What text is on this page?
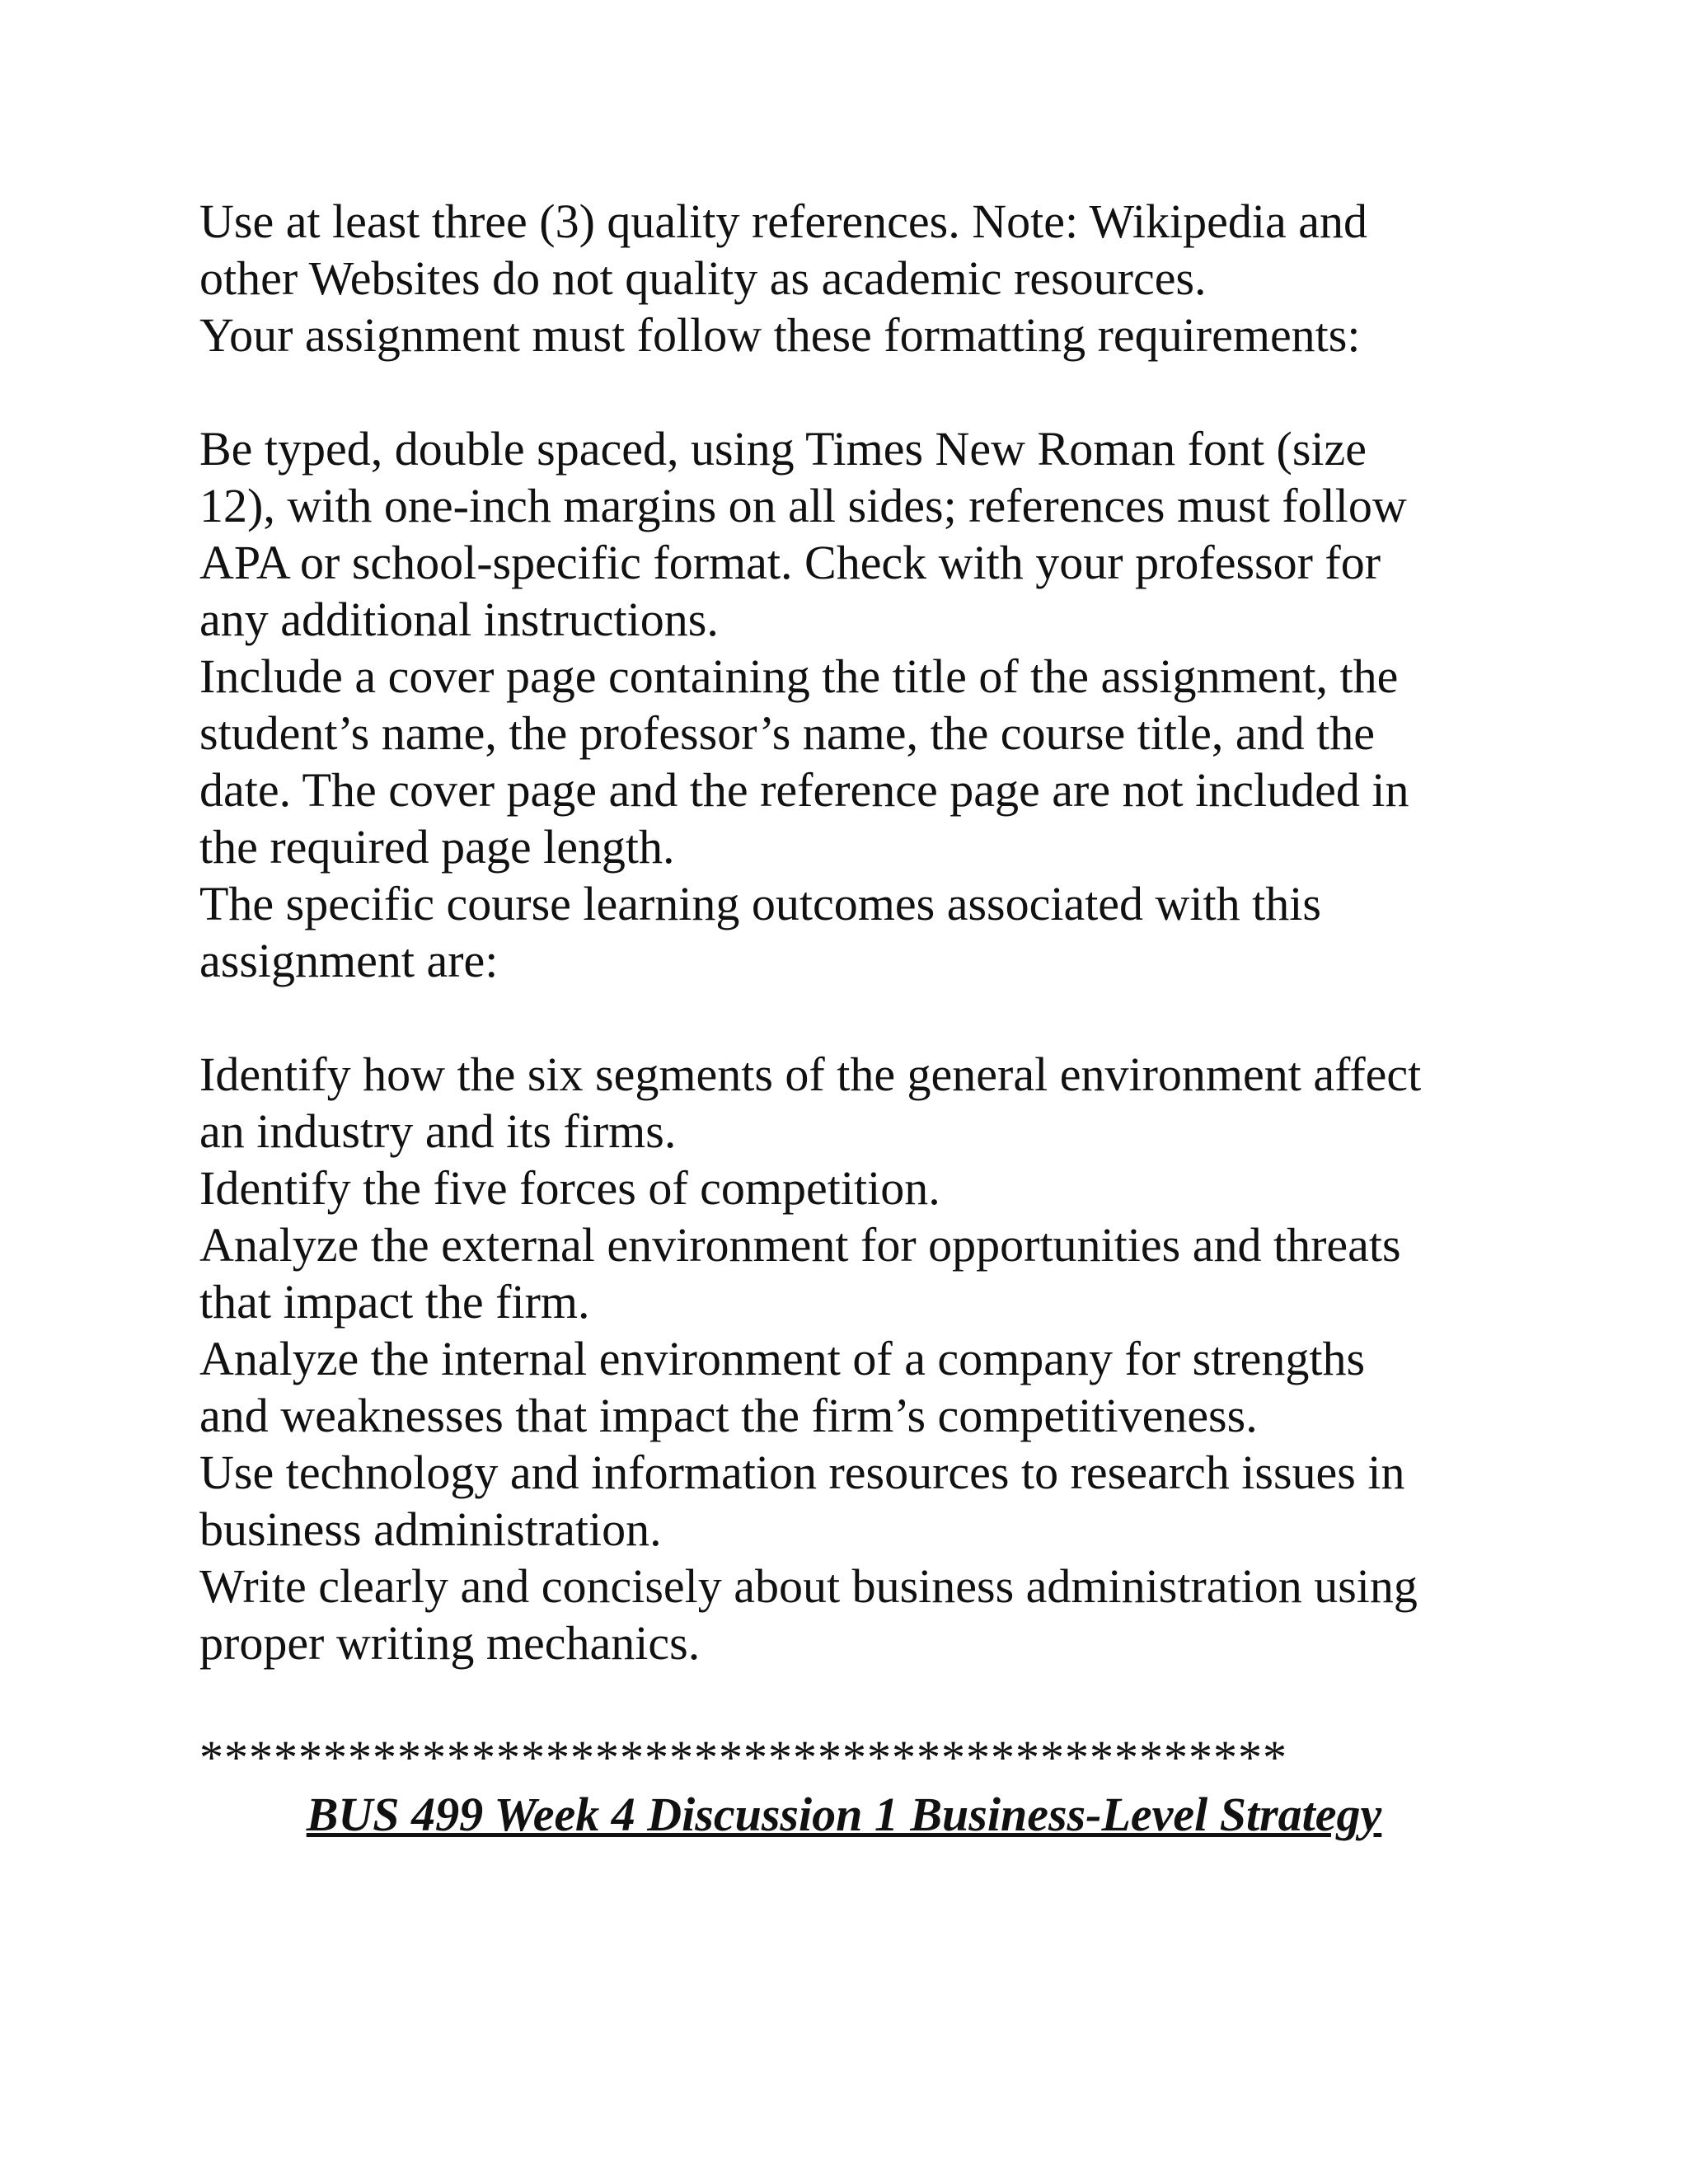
Use at least three (3) quality references. Note: Wikipedia and
other Websites do not quality as academic resources.
Your assignment must follow these formatting requirements:
Be typed, double spaced, using Times New Roman font (size
12), with one-inch margins on all sides; references must follow
APA or school-specific format. Check with your professor for
any additional instructions.
Include a cover page containing the title of the assignment, the
student’s name, the professor’s name, the course title, and the
date. The cover page and the reference page are not included in
the required page length.
The specific course learning outcomes associated with this
assignment are:
Identify how the six segments of the general environment affect
an industry and its firms.
Identify the five forces of competition.
Analyze the external environment for opportunities and threats
that impact the firm.
Analyze the internal environment of a company for strengths
and weaknesses that impact the firm’s competitiveness.
Use technology and information resources to research issues in
business administration.
Write clearly and concisely about business administration using
proper writing mechanics.
********************************************
BUS 499 Week 4 Discussion 1 Business-Level Strategy
